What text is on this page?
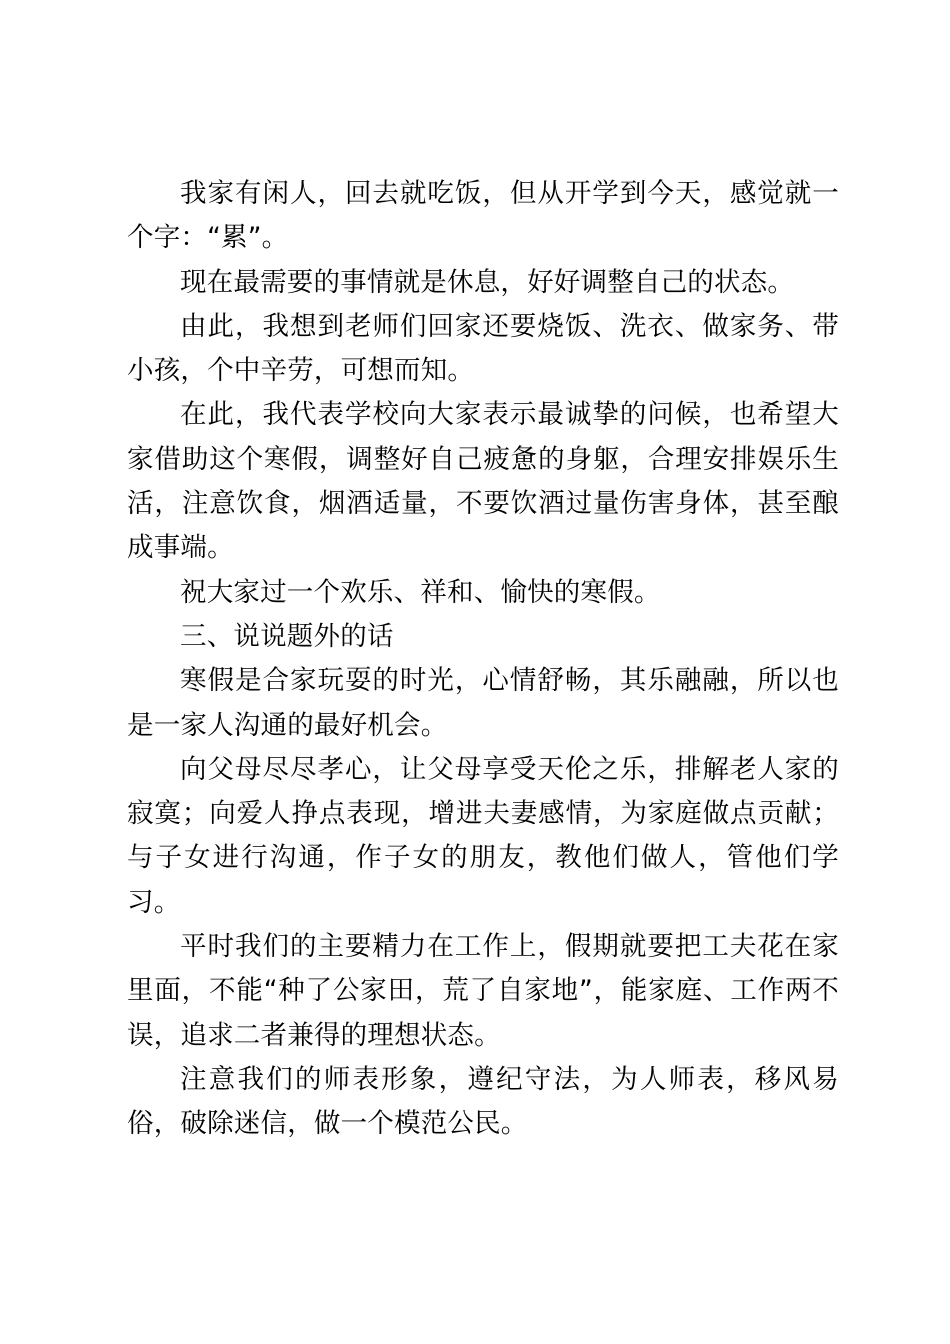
我家有闲人，回去就吃饭，但从开学到今天，感觉就一个字：“累”。

现在最需要的事情就是休息，好好调整自己的状态。

由此，我想到老师们回家还要烧饭、洗衣、做家务、带小孩，个中辛劳，可想而知。

在此，我代表学校向大家表示最诚挚的问候，也希望大家借助这个寒假，调整好自己疲惫的身躯，合理安排娱乐生活，注意饮食，烟酒适量，不要饮酒过量伤害身体，甚至酿成事端。

祝大家过一个欢乐、祥和、愉快的寒假。

三、说说题外的话

寒假是合家玩耍的时光，心情舒畅，其乐融融，所以也是一家人沟通的最好机会。

向父母尽尽孝心，让父母享受天伦之乐，排解老人家的寂寞；向爱人挣点表现，增进夫妻感情，为家庭做点贡献；与子女进行沟通，作子女的朋友，教他们做人，管他们学习。

平时我们的主要精力在工作上，假期就要把工夫花在家里面，不能“种了公家田，荒了自家地”，能家庭、工作两不误，追求二者兼得的理想状态。

注意我们的师表形象，遵纪守法，为人师表，移风易俗，破除迷信，做一个模范公民。
